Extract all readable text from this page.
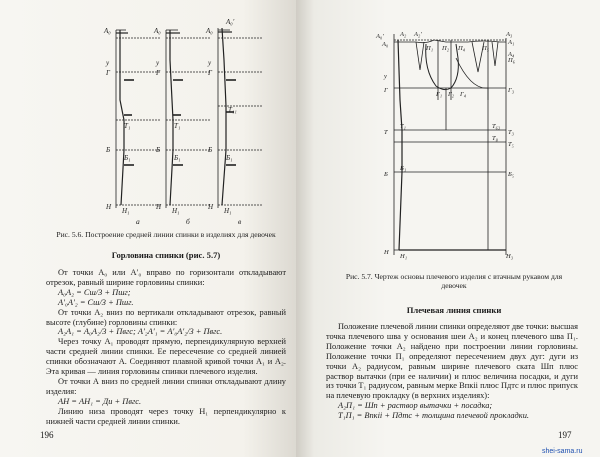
A₀
у
Г
Т₁
Б
Б₁
Н Н₁
A₀
у
Г
Т₁
Б
Б₁
Н Н₁
A₀
A₀′
у
Г
Т₁₁
Б
Б₁
Н Н₁
а	б	в
Рис. 5.6. Построение средней линии спинки в изделиях для девочек
Горловина спинки (рис. 5.7)

От точки А₀ или А′₀ вправо по горизонтали откладывают отрезок, равный ширине горловины спинки:

А₀А₂ = Сш/3 + Пшг;

А′₀А′₂ = Сш/3 + Пшг.

От точки А₂ вниз по вертикали откладывают отрезок, равный высоте (глубине) горловины спинки:

А₂А₁ = А₀А₂/3 + Пвгс; А′₂А′₁ = А′₀А′₂/3 + Пвгс.

Через точку А₁ проводят прямую, перпендикулярную верхней части средней линии спинки. Ее пересечение со средней линией спинки обозначают А. Соединяют плавной кривой точки А₁ и А₂. Эта кривая — линия горловины спинки плечевого изделия.

От точки А вниз по средней линии спинки откладывают длину изделия:

АН = АН₁ = Ди + Пвгс.

Линию низа проводят через точку Н₁ перпендикулярно к нижней части средней линии спинки.

196
A₀′
A₀
A₂ A₂′	A₃
A₁
П₁ П₂ П₄	П₅
A₄
П₆
у
Г
Г₁ Г₂ Г₄
Г₃
Т
Т₁	Т₆₃
Т₃
Т₈
Т₅
Б
Б₁
Б₅
Н
Н₁	Н₃
Рис. 5.7. Чертеж основы плечевого изделия с втачным рукавом для девочек
Плечевая линия спинки

Положение плечевой линии спинки определяют две точки: высшая точка плечевого шва у основания шеи А₂ и конец плечевого шва П₁. Положение точки А₂ найдено при построении линии горловины. Положение точки П₁ определяют пересечением двух дуг: дуги из точки А₂ радиусом, равным ширине плечевого ската Шп плюс раствор вытачки (при ее наличии) и плюс величина посадки, и дуги из точки Т₁ радиусом, равным мерке Впкii плюс Пдтс и плюс припуск на плечевую прокладку (в верхних изделиях):

А₂П₁ = Шп + раствор вытачки + посадка;

Т₁П₁ = Впкii + Пдтс + толщина плечевой прокладки.

197
shei-sama.ru
